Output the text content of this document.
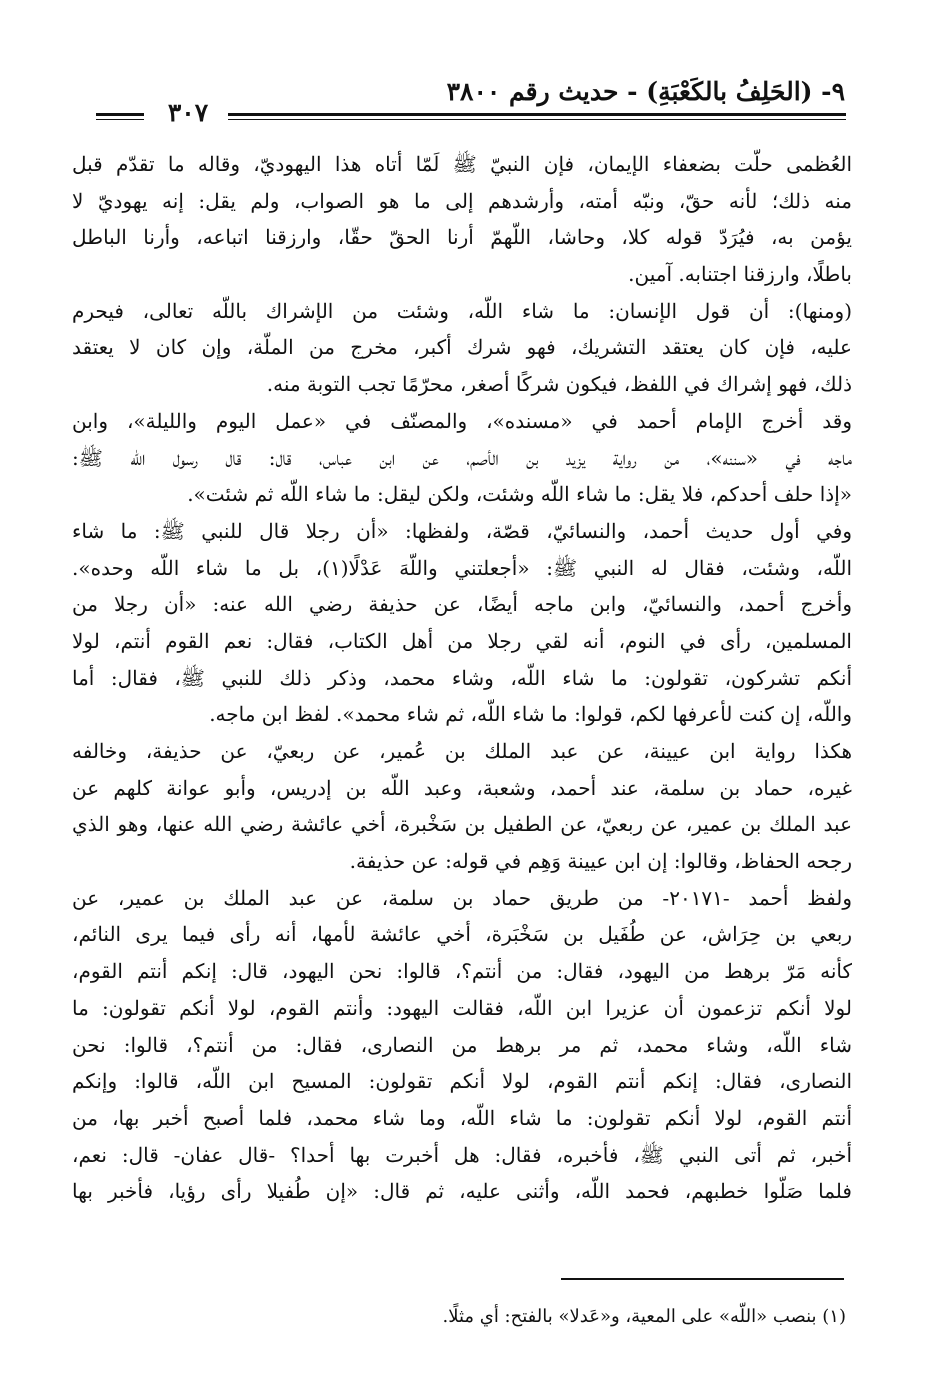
٩- (الحَلِفُ بالكَعْبَةِ) - حديث رقم ٣٨٠٠
٣٠٧
العُظمى حلّت بضعفاء الإيمان، فإن النبيّ ﷺ لَمّا أتاه هذا اليهوديّ، وقاله ما تقدّم قبل
منه ذلك؛ لأنه حقّ، ونبّه أمته، وأرشدهم إلى ما هو الصواب، ولم يقل: إنه يهوديّ لا
يؤمن به، فيُرَدّ قوله كلا، وحاشا، اللّهمّ أرنا الحقّ حقّا، وارزقنا اتباعه، وأرنا الباطل
باطلًا، وارزقنا اجتنابه. آمين.
(ومنها): أن قول الإنسان: ما شاء اللّه، وشئت من الإشراك باللّه تعالى، فيحرم
عليه، فإن كان يعتقد التشريك، فهو شرك أكبر، مخرج من الملّة، وإن كان لا يعتقد
ذلك، فهو إشراك في اللفظ، فيكون شركًا أصغر، محرّمًا تجب التوبة منه.
وقد أخرج الإمام أحمد في «مسنده»، والمصنّف في «عمل اليوم والليلة»، وابن
ماجه في «سننه»، من رواية يزيد بن الأصم، عن ابن عباس، قال: قال رسول اللّه ﷺ:
«إذا حلف أحدكم، فلا يقل: ما شاء اللّه وشئت، ولكن ليقل: ما شاء اللّه ثم شئت».
وفي أول حديث أحمد، والنسائيّ، قصّة، ولفظها: «أن رجلا قال للنبي ﷺ: ما شاء
اللّه، وشئت، فقال له النبي ﷺ: «أجعلتني واللّهَ عَدْلًا(١)، بل ما شاء اللّه وحده».
وأخرج أحمد، والنسائيّ، وابن ماجه أيضًا، عن حذيفة رضي الله عنه: «أن رجلا من
المسلمين، رأى في النوم، أنه لقي رجلا من أهل الكتاب، فقال: نعم القوم أنتم، لولا
أنكم تشركون، تقولون: ما شاء اللّه، وشاء محمد، وذكر ذلك للنبي ﷺ، فقال: أما
واللّه، إن كنت لأعرفها لكم، قولوا: ما شاء اللّه، ثم شاء محمد». لفظ ابن ماجه.
هكذا رواية ابن عيينة، عن عبد الملك بن عُمير، عن ربعيّ، عن حذيفة، وخالفه
غيره، حماد بن سلمة، عند أحمد، وشعبة، وعبد اللّه بن إدريس، وأبو عوانة كلهم عن
عبد الملك بن عمير، عن ربعيّ، عن الطفيل بن سَخْبرة، أخي عائشة رضي الله عنها، وهو الذي
رجحه الحفاظ، وقالوا: إن ابن عيينة وَهِم في قوله: عن حذيفة.
ولفظ أحمد -٢٠١٧١- من طريق حماد بن سلمة، عن عبد الملك بن عمير، عن
ربعي بن حِرَاش، عن طُفَيل بن سَخْبَرة، أخي عائشة لأمها، أنه رأى فيما يرى النائم،
كأنه مَرّ برهط من اليهود، فقال: من أنتم؟، قالوا: نحن اليهود، قال: إنكم أنتم القوم،
لولا أنكم تزعمون أن عزيرا ابن اللّه، فقالت اليهود: وأنتم القوم، لولا أنكم تقولون: ما
شاء اللّه، وشاء محمد، ثم مر برهط من النصارى، فقال: من أنتم؟، قالوا: نحن
النصارى، فقال: إنكم أنتم القوم، لولا أنكم تقولون: المسيح ابن اللّه، قالوا: وإنكم
أنتم القوم، لولا أنكم تقولون: ما شاء اللّه، وما شاء محمد، فلما أصبح أخبر بها، من
أخبر، ثم أتى النبي ﷺ، فأخبره، فقال: هل أخبرت بها أحدا؟ -قال عفان- قال: نعم،
فلما صَلّوا خطبهم، فحمد اللّه، وأثنى عليه، ثم قال: «إن طُفيلا رأى رؤيا، فأخبر بها
(١) بنصب «اللّه» على المعية، و«عَدلا» بالفتح: أي مثلًا.
